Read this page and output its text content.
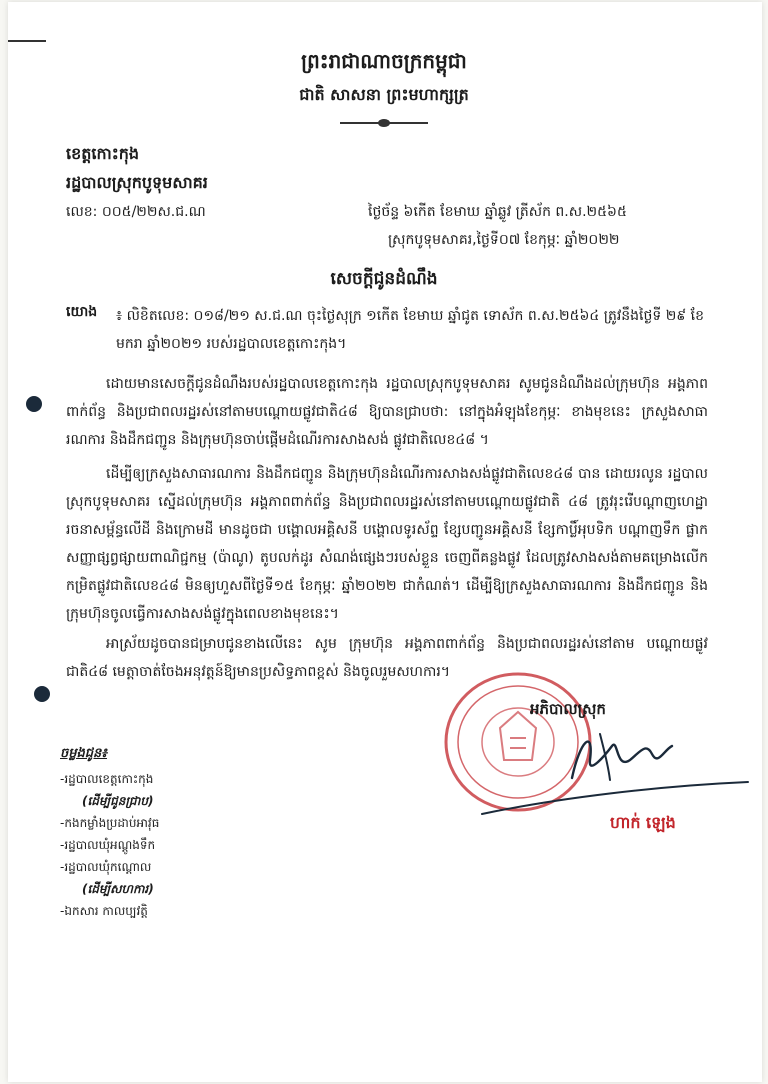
ព្រះរាជាណាចក្រកម្ពុជា
ជាតិ សាសនា ព្រះមហាក្សត្រ
ខេត្តកោះកុង
រដ្ឋបាលស្រុកបូទុមសាគរ
លេខ: ០០៥/២២ស.ជ.ណ	ថ្ងៃច័ន្ទ ៦កើត ខែមាឃ ឆ្នាំឆ្លូវ ត្រីស័ក ព.ស.២៥៦៥
ស្រុកបូទុមសាគរ,ថ្ងៃទី០៧ ខែកុម្ភៈ ឆ្នាំ២០២២
សេចក្តីជូនដំណឹង
យោង ៖ លិខិតលេខ: ០១៨/២១ ស.ជ.ណ ចុះថ្ងៃសុក្រ ១កើត ខែមាឃ ឆ្នាំជូត ទោស័ក ព.ស.២៥៦៤ ត្រូវនឹងថ្ងៃទី ២៩ ខែមករា ឆ្នាំ២០២១ របស់រដ្ឋបាលខេត្តកោះកុង។
ដោយមានសេចក្តីជូនដំណឹងរបស់រដ្ឋបាលខេត្តកោះកុង រដ្ឋបាលស្រុកបូទុមសាគរ សូមជូនដំណឹងដល់ក្រុមហ៊ុន អង្គភាពពាក់ព័ន្ធ និងប្រជាពលរដ្ឋរស់នៅតាមបណ្តោយផ្លូវជាតិ៤៨ ឱ្យបានជ្រាបថា: នៅក្នុងអំឡុងខែកុម្ភៈ ខាងមុខនេះ ក្រសួងសាធារណការ និងដឹកជញ្ជូន និងក្រុមហ៊ុនចាប់ផ្តើមដំណើរការសាងសង់ ផ្លូវជាតិលេខ៤៨ ។
ដើម្បីឲ្យក្រសួងសាធារណការ និងដឹកជញ្ជូន និងក្រុមហ៊ុនដំណើរការសាងសង់ផ្លូវជាតិលេខ៤៨ បាន ដោយរលូន រដ្ឋបាលស្រុកបូទុមសាគរ ស្នើដល់ក្រុមហ៊ុន អង្គភាពពាក់ព័ន្ធ និងប្រជាពលរដ្ឋរស់នៅតាមបណ្តោយផ្លូវជាតិ ៤៨ ត្រូវរុះរើបណ្តាញហេដ្ឋារចនាសម្ព័ន្ធលើដី និងក្រោមដី មានដូចជា បង្គោលអគ្គិសនី បង្គោលទូរស័ព្ទ ខ្សែបញ្ជូនអគ្គិសនី ខ្សែកាប្លិ៍អុបទិក បណ្តាញទឹក ផ្លាកសញ្ញាផ្សព្វផ្សាយពាណិជ្ជកម្ម (ប៉ាណូ) តូបលក់ដូរ សំណង់ផ្សេងៗរបស់ខ្លួន ចេញពីគន្លងផ្លូវ ដែលត្រូវសាងសង់តាមគម្រោងលើកកម្រិតផ្លូវជាតិលេខ៤៨ មិនឲ្យហួសពីថ្ងៃទី១៥ ខែកុម្ភៈ ឆ្នាំ២០២២ ជាកំណត់។ ដើម្បីឱ្យក្រសួងសាធារណការ និងដឹកជញ្ជូន និងក្រុមហ៊ុនចូលធ្វើការសាងសង់ផ្លូវក្នុងពេលខាងមុខនេះ។
អាស្រ័យដូចបានជម្រាបជូនខាងលើនេះ សូម ក្រុមហ៊ុន អង្គភាពពាក់ព័ន្ធ និងប្រជាពលរដ្ឋរស់នៅតាម បណ្តោយផ្លូវជាតិ៤៨ មេត្តាចាត់ចែងអនុវត្តន៍ឱ្យមានប្រសិទ្ធភាពខ្ពស់ និងចូលរួមសហការ។
អភិបាលស្រុក
ហាក់ ឡេង
ចម្លងជូន៖
-រដ្ឋបាលខេត្តកោះកុង
(ដើម្បីជូនជ្រាប)
-កងកម្លាំងប្រដាប់អាវុធ
-រដ្ឋបាលឃុំអណ្តូងទឹក
-រដ្ឋបាលឃុំកណ្តោល
(ដើម្បីសហការ)
-ឯកសារ កាលប្បវត្តិ
